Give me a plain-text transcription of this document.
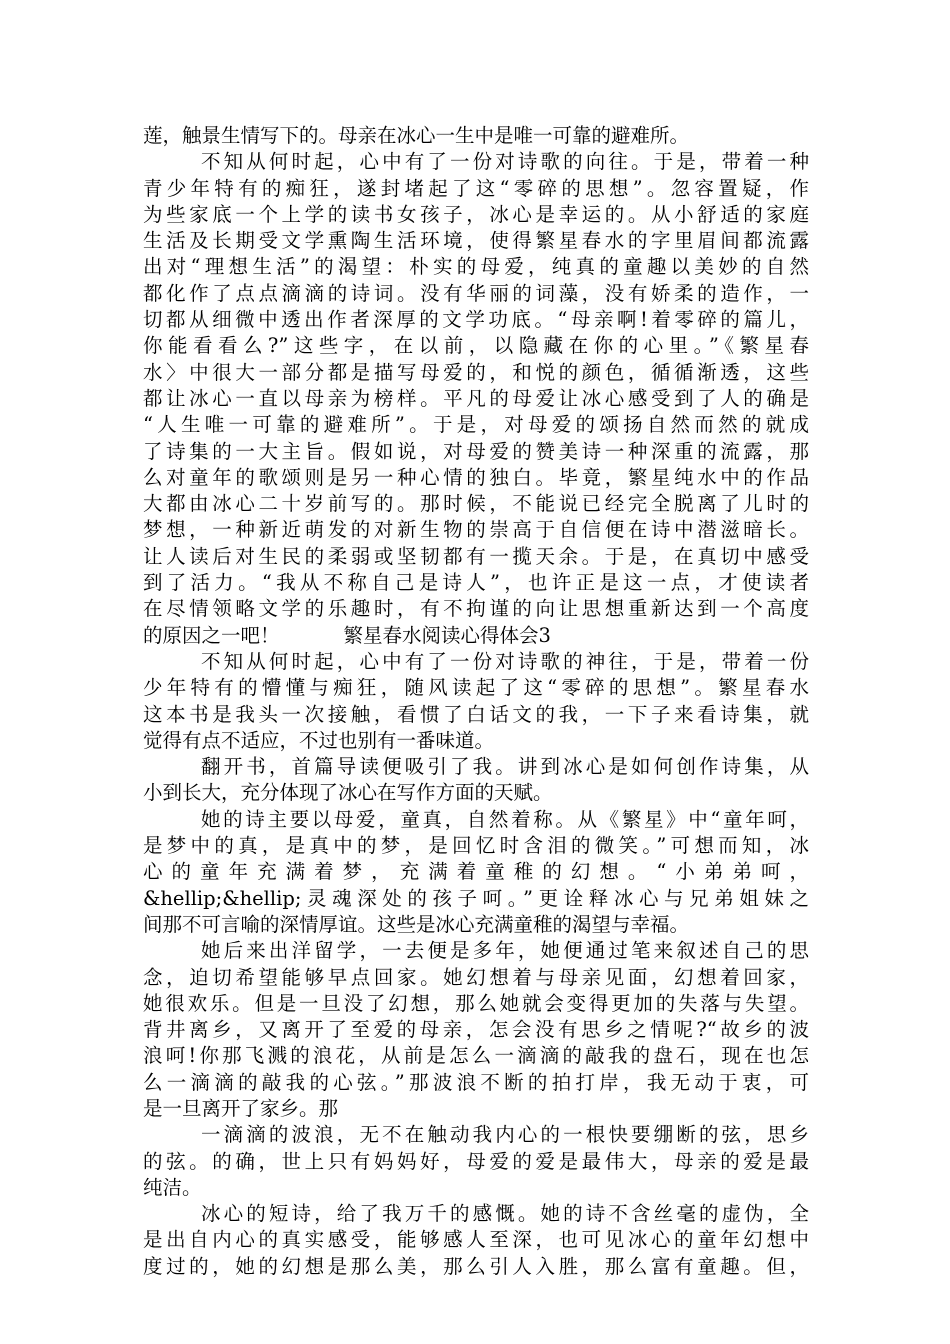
莲，触景生情写下的。母亲在冰心一生中是唯一可靠的避难所。
不知从何时起，心中有了一份对诗歌的向往。于是，带着一种
青少年特有的痴狂，遂封堵起了这“零碎的思想”。忽容置疑，作
为些家底一个上学的读书女孩子，冰心是幸运的。从小舒适的家庭
生活及长期受文学熏陶生活环境，使得繁星春水的字里眉间都流露
出对“理想生活”的渴望：朴实的母爱，纯真的童趣以美妙的自然
都化作了点点滴滴的诗词。没有华丽的词藻，没有娇柔的造作，一
切都从细微中透出作者深厚的文学功底。“母亲啊!着零碎的篇儿，
你能看看么?”这些字，在以前，以隐藏在你的心里。”《繁星春
水〉中很大一部分都是描写母爱的，和悦的颜色，循循渐透，这些
都让冰心一直以母亲为榜样。平凡的母爱让冰心感受到了人的确是
“人生唯一可靠的避难所”。于是，对母爱的颂扬自然而然的就成
了诗集的一大主旨。假如说，对母爱的赞美诗一种深重的流露，那
么对童年的歌颂则是另一种心情的独白。毕竟，繁星纯水中的作品
大都由冰心二十岁前写的。那时候，不能说已经完全脱离了儿时的
梦想，一种新近萌发的对新生物的崇高于自信便在诗中潜滋暗长。
让人读后对生民的柔弱或坚韧都有一揽天余。于是，在真切中感受
到了活力。“我从不称自己是诗人”，也许正是这一点，才使读者
在尽情领略文学的乐趣时，有不拘谨的向让思想重新达到一个高度
的原因之一吧！	繁星春水阅读心得体会3
不知从何时起，心中有了一份对诗歌的神往，于是，带着一份
少年特有的懵懂与痴狂，随风读起了这“零碎的思想”。繁星春水
这本书是我头一次接触，看惯了白话文的我，一下子来看诗集，就
觉得有点不适应，不过也别有一番味道。
翻开书，首篇导读便吸引了我。讲到冰心是如何创作诗集，从
小到长大，充分体现了冰心在写作方面的天赋。
她的诗主要以母爱，童真，自然着称。从《繁星》中“童年呵，
是梦中的真，是真中的梦，是回忆时含泪的微笑。”可想而知，冰
心的童年充满着梦，充满着童稚的幻想。“小弟弟呵，
&hellip;&hellip;灵魂深处的孩子呵。”更诠释冰心与兄弟姐妹之
间那不可言喻的深情厚谊。这些是冰心充满童稚的渴望与幸福。
她后来出洋留学，一去便是多年，她便通过笔来叙述自己的思
念，迫切希望能够早点回家。她幻想着与母亲见面，幻想着回家，
她很欢乐。但是一旦没了幻想，那么她就会变得更加的失落与失望。
背井离乡，又离开了至爱的母亲，怎会没有思乡之情呢?“故乡的波
浪呵!你那飞溅的浪花，从前是怎么一滴滴的敲我的盘石，现在也怎
么一滴滴的敲我的心弦。”那波浪不断的拍打岸，我无动于衷，可
是一旦离开了家乡。那
一滴滴的波浪，无不在触动我内心的一根快要绷断的弦，思乡
的弦。的确，世上只有妈妈好，母爱的爱是最伟大，母亲的爱是最
纯洁。
冰心的短诗，给了我万千的感慨。她的诗不含丝毫的虚伪，全
是出自内心的真实感受，能够感人至深，也可见冰心的童年幻想中
度过的，她的幻想是那么美，那么引人入胜，那么富有童趣。但，
